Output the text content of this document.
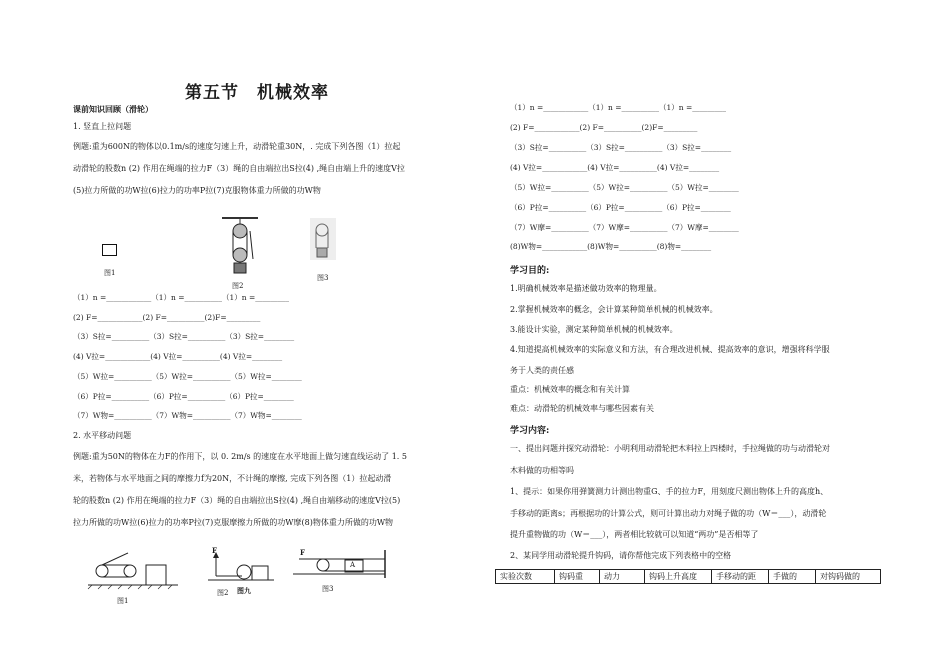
第五节　机械效率
课前知识回顾（滑轮）
1. 竖直上拉问题
例题:重为600N的物体以0.1m/s的速度匀速上升，动滑轮重30N，. 完成下列各图（1）拉起
动滑轮的股数n (2) 作用在绳端的拉力F（3）绳的自由端拉出S拉(4) ,绳自由端上升的速度V拉
(5)拉力所做的功W拉(6)拉力的功率P拉(7)克服物体重力所做的功W物
图1
图2
图3
（1）n =____________（1）n =__________（1）n =_________
(2) F=____________(2) F=__________(2)F=_________
（3）S拉=__________（3）S拉=__________（3）S拉=________
(4) V拉=____________(4) V拉=__________(4) V拉=________
（5）W拉=__________（5）W拉=__________（5）W拉=________
（6）P拉=__________（6）P拉=__________（6）P拉=________
（7）W物=__________（7）W物=__________（7）W物=________
2. 水平移动问题
例题:重为50N的物体在力F的作用下，以 0. 2m/s 的速度在水平地面上做匀速直线运动了 1. 5
米，若物体与水平地面之间的摩擦力f为20N，不计绳的摩擦, 完成下列各图（1）拉起动滑
轮的股数n (2) 作用在绳端的拉力F（3）绳的自由端拉出S拉(4) ,绳自由端移动的速度V拉(5)
拉力所做的功W拉(6)拉力的功率P拉(7)克服摩擦力所做的功W摩(8)物体重力所做的功W物
图1
F
图2 图九
F
A
图3
（1）n =____________（1）n =__________（1）n =_________
(2) F=____________(2) F=__________(2)F=_________
（3）S拉=__________（3）S拉=__________（3）S拉=________
(4) V拉=____________(4) V拉=__________(4) V拉=________
（5）W拉=__________（5）W拉=__________（5）W拉=________
（6）P拉=__________（6）P拉=__________（6）P拉=________
（7）W摩=__________（7）W摩=__________（7）W摩=________
(8)W物=____________(8)W物=__________(8)物=________
学习目的:
1.明确机械效率是描述做功效率的物理量。
2.掌握机械效率的概念，会计算某种简单机械的机械效率。
3.能设计实验，测定某种简单机械的机械效率。
4.知道提高机械效率的实际意义和方法，有合理改进机械、提高效率的意识，增强将科学服
务于人类的责任感
重点：机械效率的概念和有关计算
难点：动滑轮的机械效率与哪些因素有关
学习内容:
一、提出问题并探究动滑轮：小明利用动滑轮把木料拉上四楼时，手拉绳做的功与动滑轮对
木料做的功相等吗
1、提示：如果你用弹簧测力计测出物重G、手的拉力F，用刻度尺测出物体上升的高度h、
手移动的距离s；再根据功的计算公式，则可计算出动力对绳子做的功（W＝___），动滑轮
提升重物做的功（W＝___），两者相比较就可以知道“两功”是否相等了
2、某同学用动滑轮提升钩码，请你帮他完成下列表格中的空格
实验次数	钩码重	动力	钩码上升高度	手移动的距	手做的	对钩码做的
